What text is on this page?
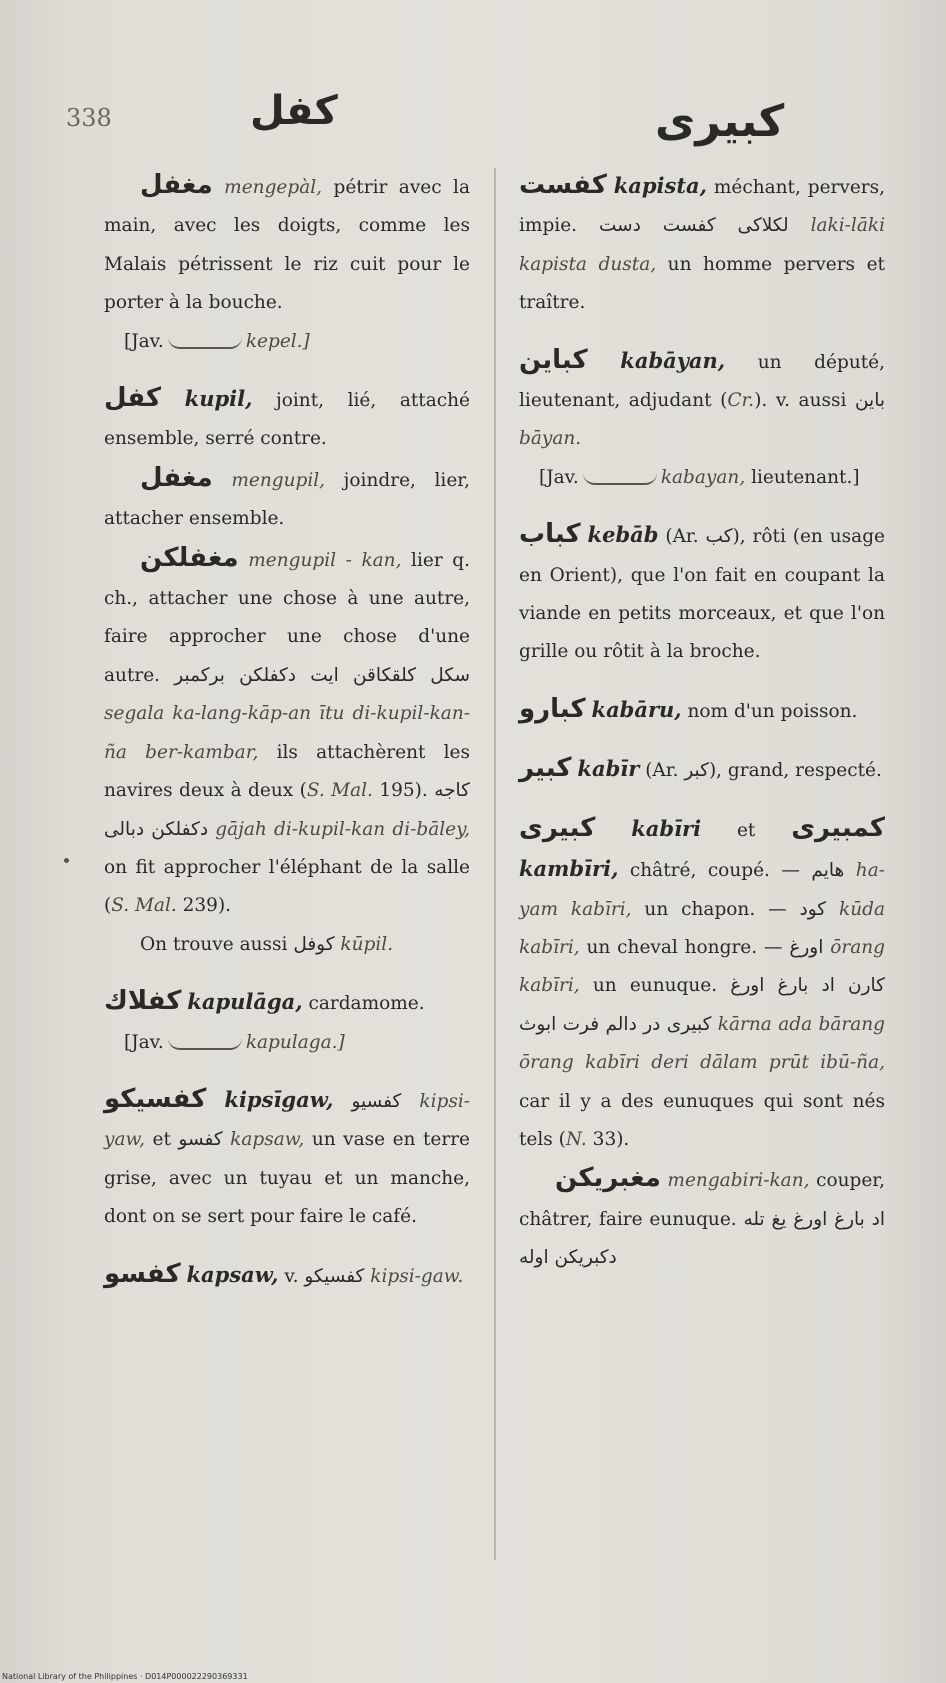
338	كفل	كبيرى

مغفل mengepàl, pétrir avec la main, avec les doigts, comme les Malais pétrissent le riz cuit pour le porter à la bouche.

[Jav.	kepel.]

كفل kupil, joint, lié, attaché ensemble, serré contre.

مغفل mengupil, joindre, lier, attacher ensemble.

مغفلكن mengupil - kan, lier q. ch., attacher une chose à une autre, faire approcher une chose d'une autre. سكل كلقكاقن ايت دكفلكن بركمبر segala ka-lang-kāp-an ītu di-kupil-kan-ña ber-kambar, ils attachèrent les navires deux à deux (S. Mal. 195). كاجه دكفلكن دبالى gājah di-kupil-kan di-bāley, on fit approcher l'éléphant de la salle (S. Mal. 239).

On trouve aussi كوفل kūpil.

كفلاك kapulāga, cardamome.

[Jav.	kapulaga.]

كفسيكو kipsīgaw, كفسيو kipsi-yaw, et كفسو kapsaw, un vase en terre grise, avec un tuyau et un manche, dont on se sert pour faire le café.

كفسو kapsaw, v. كفسيكو kipsi-gaw.

كفست kapista, méchant, pervers, impie. لكلاكى كفست دست laki-lāki kapista dusta, un homme pervers et traître.

كباين kabāyan, un député, lieutenant, adjudant (Cr.). v. aussi باين bāyan.

[Jav.	kabayan, lieutenant.]

كباب kebāb (Ar. كب), rôti (en usage en Orient), que l'on fait en coupant la viande en petits morceaux, et que l'on grille ou rôtit à la broche.

كبارو kabāru, nom d'un poisson.

كبير kabīr (Ar. كبر), grand, respecté.

كبيرى kabīri et كمبيرى kambīri, châtré, coupé. — هايم ha-yam kabīri, un chapon. — كود kūda kabīri, un cheval hongre. — اورغ ōrang kabīri, un eunuque. كارن اد بارغ اورغ كبيرى در دالم فرت ابوث kārna ada bārang ōrang kabīri deri dālam prūt ibū-ña, car il y a des eunuques qui sont nés tels (N. 33).

مغبريكن mengabiri-kan, couper, châtrer, faire eunuque. اد بارغ اورغ يغ تله دكبريكن اوله

National Library of the Philippines · D014P000022290369331
